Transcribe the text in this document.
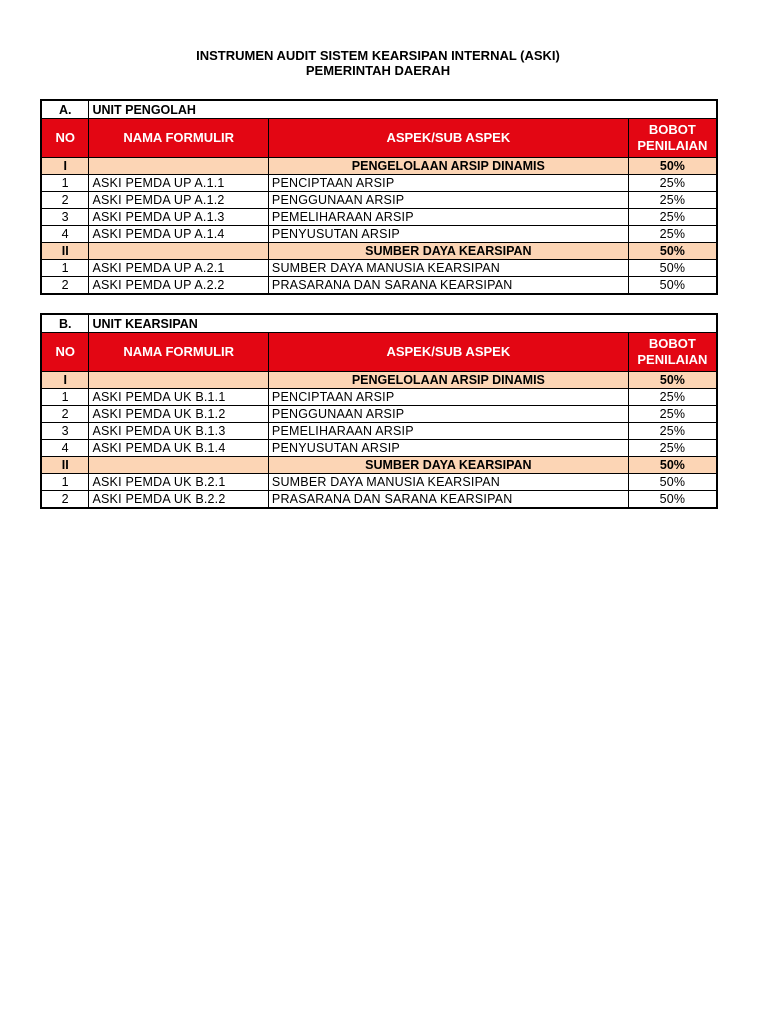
INSTRUMEN AUDIT SISTEM KEARSIPAN INTERNAL (ASKI)
PEMERINTAH DAERAH
A.	UNIT PENGOLAH		
NO	NAMA FORMULIR	ASPEK/SUB ASPEK	BOBOT
PENILAIAN
I		PENGELOLAAN ARSIP DINAMIS	50%
1	ASKI PEMDA UP A.1.1	PENCIPTAAN ARSIP	25%
2	ASKI PEMDA UP A.1.2	PENGGUNAAN ARSIP	25%
3	ASKI PEMDA UP A.1.3	PEMELIHARAAN ARSIP	25%
4	ASKI PEMDA UP A.1.4	PENYUSUTAN ARSIP	25%
II		SUMBER DAYA KEARSIPAN	50%
1	ASKI PEMDA UP A.2.1	SUMBER DAYA MANUSIA KEARSIPAN	50%
2	ASKI PEMDA UP A.2.2	PRASARANA DAN SARANA KEARSIPAN	50%
B.	UNIT KEARSIPAN		
NO	NAMA FORMULIR	ASPEK/SUB ASPEK	BOBOT
PENILAIAN
I		PENGELOLAAN ARSIP DINAMIS	50%
1	ASKI PEMDA UK B.1.1	PENCIPTAAN ARSIP	25%
2	ASKI PEMDA UK B.1.2	PENGGUNAAN ARSIP	25%
3	ASKI PEMDA UK B.1.3	PEMELIHARAAN ARSIP	25%
4	ASKI PEMDA UK B.1.4	PENYUSUTAN ARSIP	25%
II		SUMBER DAYA KEARSIPAN	50%
1	ASKI PEMDA UK B.2.1	SUMBER DAYA MANUSIA KEARSIPAN	50%
2	ASKI PEMDA UK B.2.2	PRASARANA DAN SARANA KEARSIPAN	50%
